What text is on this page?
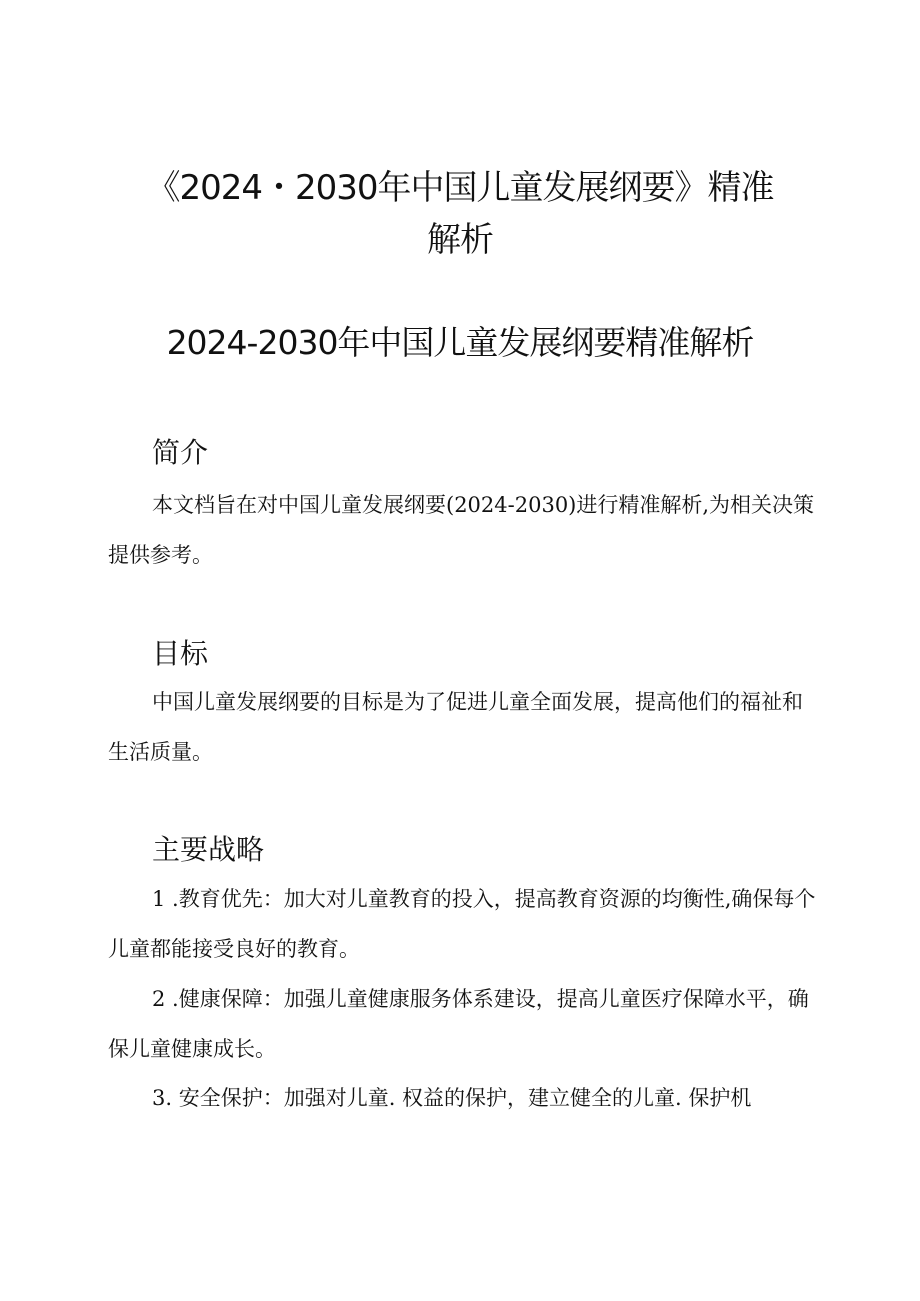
《2024・2030年中国儿童发展纲要》精准
解析
2024-2030年中国儿童发展纲要精准解析
简介

本文档旨在对中国儿童发展纲要(2024-2030)进行精准解析,为相关决策提供参考。

目标

中国儿童发展纲要的目标是为了促进儿童全面发展，提高他们的福祉和生活质量。

主要战略

1 .教育优先：加大对儿童教育的投入，提高教育资源的均衡性,确保每个儿童都能接受良好的教育。

2 .健康保障：加强儿童健康服务体系建设，提高儿童医疗保障水平，确保儿童健康成长。

3. 安全保护：加强对儿童. 权益的保护，建立健全的儿童. 保护机
